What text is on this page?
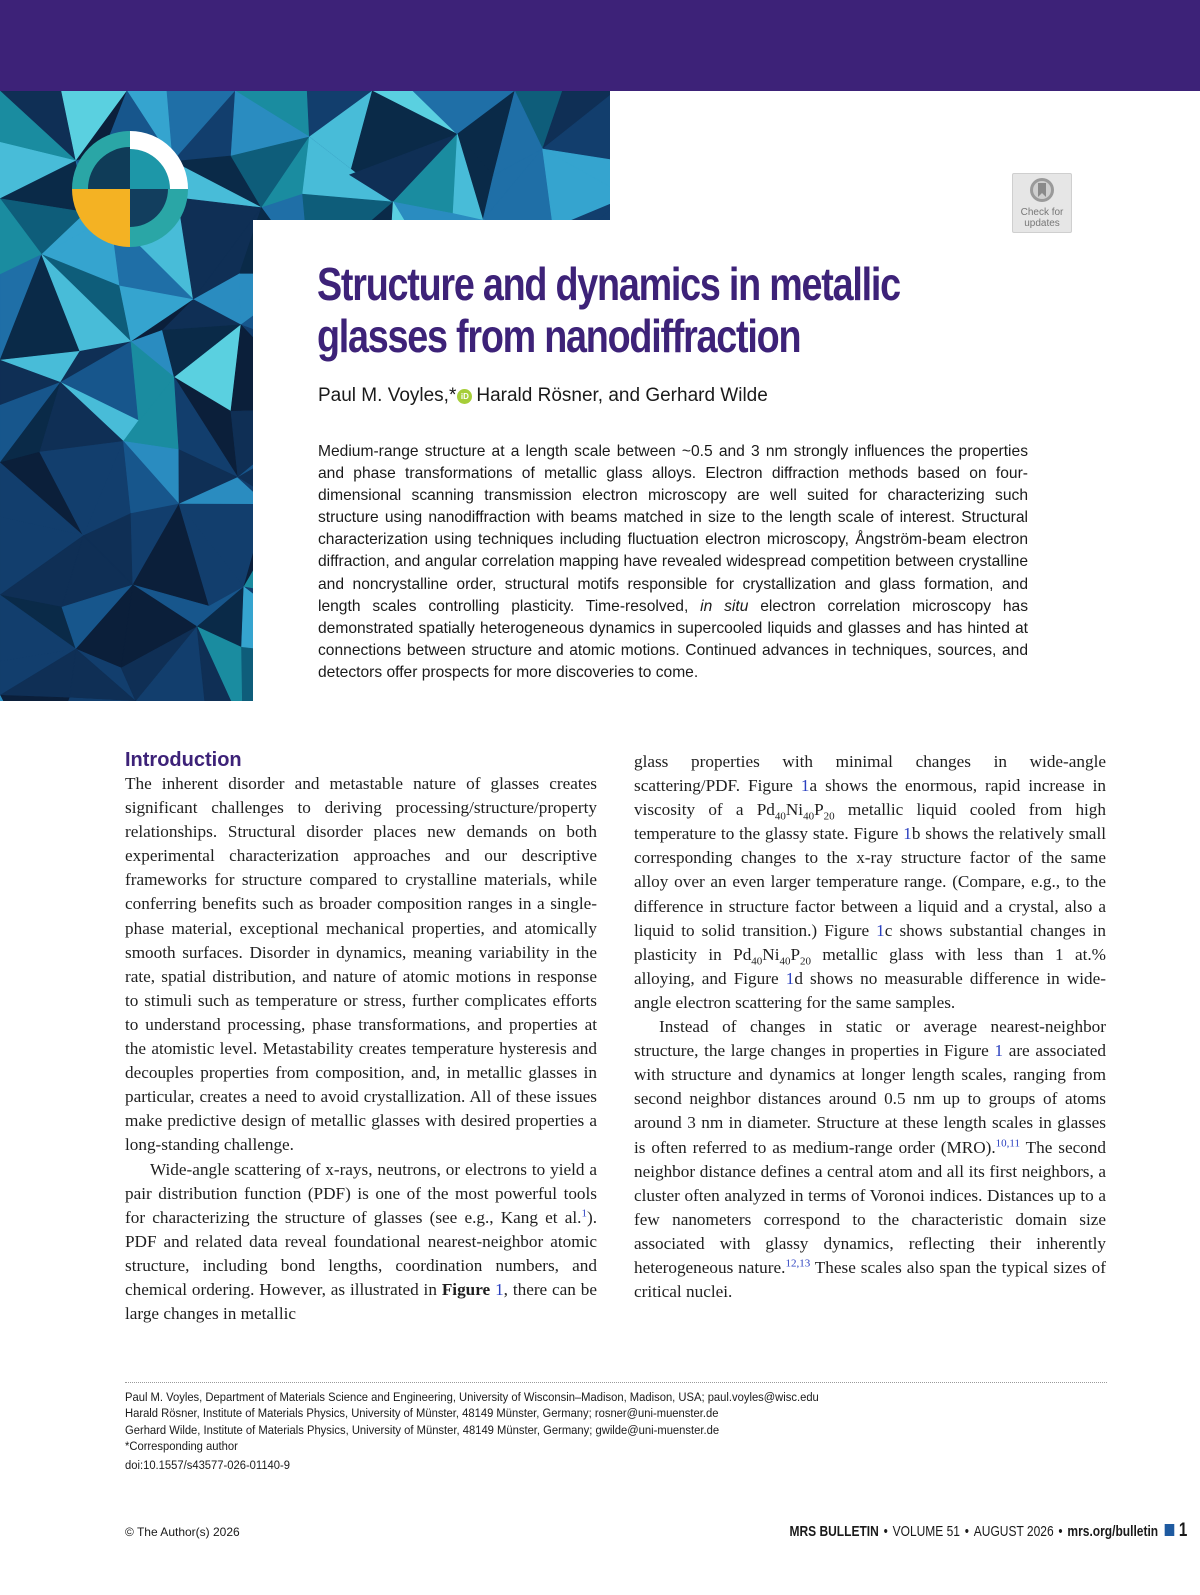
Check for
updates
Structure and dynamics in metallic
glasses from nanodiffraction
Paul M. Voyles,* iD Harald Rösner, and Gerhard Wilde

Medium-range structure at a length scale between ~0.5 and 3 nm strongly influences the properties and phase transformations of metallic glass alloys. Electron diffraction methods based on four-dimensional scanning transmission electron microscopy are well suited for characterizing such structure using nanodiffraction with beams matched in size to the length scale of interest. Structural characterization using techniques including fluctuation electron microscopy, Ångström-beam electron diffraction, and angular correlation mapping have revealed widespread competition between crystalline and noncrystalline order, structural motifs responsible for crystallization and glass formation, and length scales controlling plasticity. Time-resolved, in situ electron correlation microscopy has demonstrated spatially heterogeneous dynamics in supercooled liquids and glasses and has hinted at connections between structure and atomic motions. Continued advances in techniques, sources, and detectors offer prospects for more discoveries to come.

Introduction

The inherent disorder and metastable nature of glasses creates significant challenges to deriving processing/structure/property relationships. Structural disorder places new demands on both experimental characterization approaches and our descriptive frameworks for structure compared to crystalline materials, while conferring benefits such as broader composition ranges in a single-phase material, exceptional mechanical properties, and atomically smooth surfaces. Disorder in dynamics, meaning variability in the rate, spatial distribution, and nature of atomic motions in response to stimuli such as temperature or stress, further complicates efforts to understand processing, phase transformations, and properties at the atomistic level. Metastability creates temperature hysteresis and decouples properties from composition, and, in metallic glasses in particular, creates a need to avoid crystallization. All of these issues make predictive design of metallic glasses with desired properties a long-standing challenge.

Wide-angle scattering of x-rays, neutrons, or electrons to yield a pair distribution function (PDF) is one of the most powerful tools for characterizing the structure of glasses (see e.g., Kang et al.$^1$). PDF and related data reveal foundational nearest-neighbor atomic structure, including bond lengths, coordination numbers, and chemical ordering. However, as illustrated in Figure 1, there can be large changes in metallic

glass properties with minimal changes in wide-angle scattering/PDF. Figure 1a shows the enormous, rapid increase in viscosity of a $Pd_{40}Ni_{40}P_{20}$ metallic liquid cooled from high temperature to the glassy state. Figure 1b shows the relatively small corresponding changes to the x-ray structure factor of the same alloy over an even larger temperature range. (Compare, e.g., to the difference in structure factor between a liquid and a crystal, also a liquid to solid transition.) Figure 1c shows substantial changes in plasticity in $Pd_{40}Ni_{40}P_{20}$ metallic glass with less than 1 at.% alloying, and Figure 1d shows no measurable difference in wide-angle electron scattering for the same samples.

Instead of changes in static or average nearest-neighbor structure, the large changes in properties in Figure 1 are associated with structure and dynamics at longer length scales, ranging from second neighbor distances around 0.5 nm up to groups of atoms around 3 nm in diameter. Structure at these length scales in glasses is often referred to as medium-range order (MRO).$^{10,11}$ The second neighbor distance defines a central atom and all its first neighbors, a cluster often analyzed in terms of Voronoi indices. Distances up to a few nanometers correspond to the characteristic domain size associated with glassy dynamics, reflecting their inherently heterogeneous nature.$^{12,13}$ These scales also span the typical sizes of critical nuclei.

Paul M. Voyles, Department of Materials Science and Engineering, University of Wisconsin–Madison, Madison, USA; paul.voyles@wisc.edu
Harald Rösner, Institute of Materials Physics, University of Münster, 48149 Münster, Germany; rosner@uni-muenster.de
Gerhard Wilde, Institute of Materials Physics, University of Münster, 48149 Münster, Germany; gwilde@uni-muenster.de
*Corresponding author
doi:10.1557/s43577-026-01140-9
© The Author(s) 2026	MRS BULLETIN • VOLUME 51 • AUGUST 2026 • mrs.org/bulletin 1
